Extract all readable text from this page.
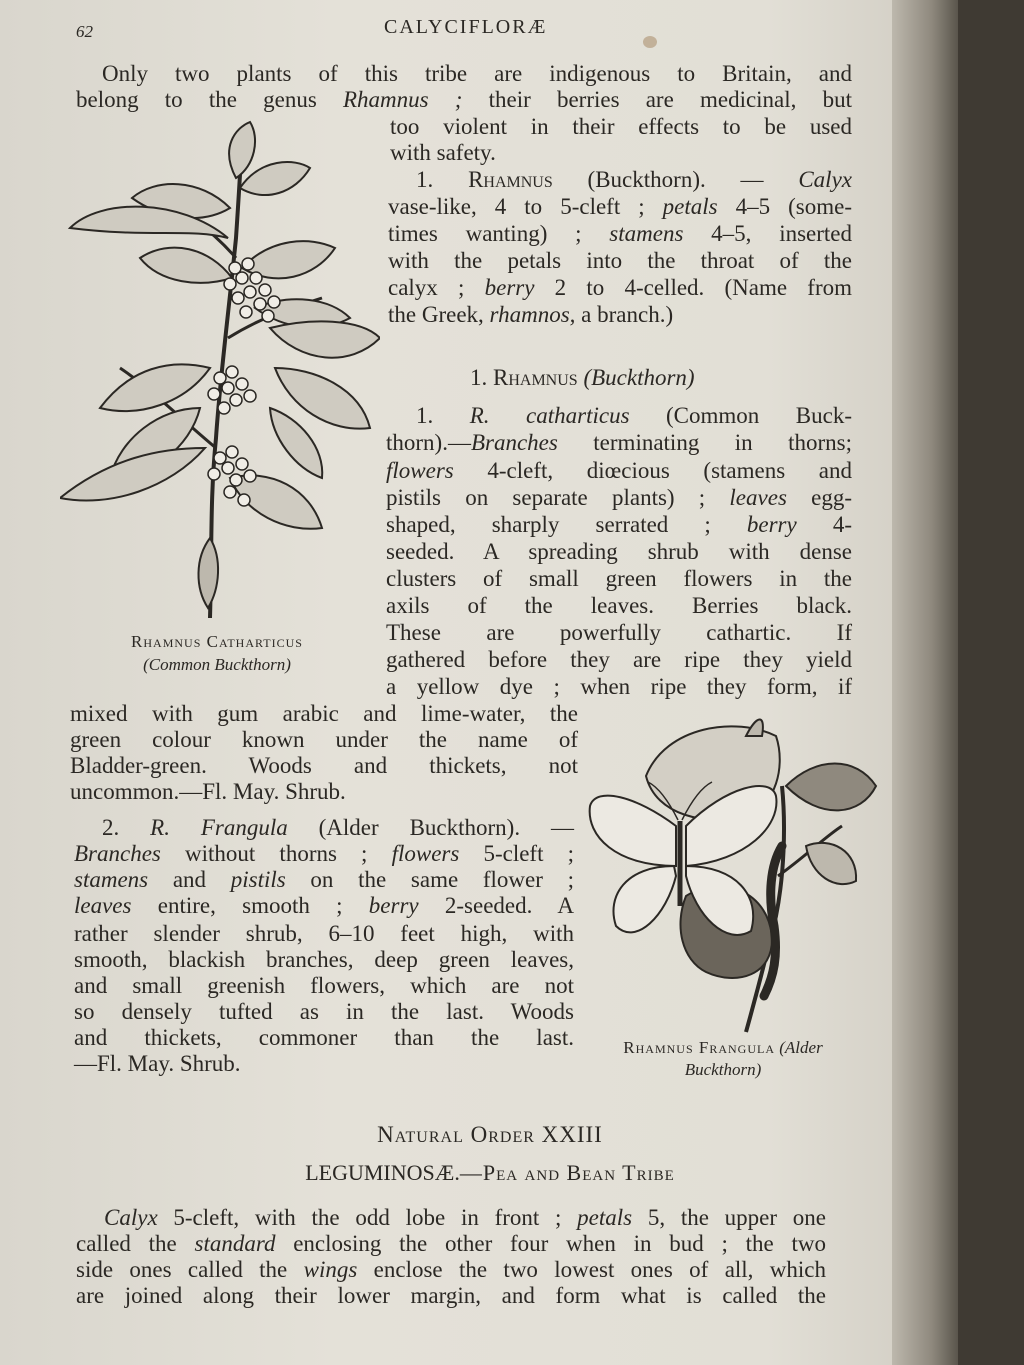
62	CALYCIFLORÆ

Only two plants of this tribe are indigenous to Britain, and
belong to the genus Rhamnus ; their berries are medicinal, but
too violent in their effects to be used
with safety.
1. Rhamnus (Buckthorn). — Calyx
vase-like, 4 to 5-cleft ; petals 4–5 (some-
times wanting) ; stamens 4–5, inserted
with the petals into the throat of the
calyx ; berry 2 to 4-celled. (Name from
the Greek, rhamnos, a branch.)
1. Rhamnus (Buckthorn)
1. R. catharticus (Common Buck-
thorn).—Branches terminating in thorns;
flowers 4-cleft, diœcious (stamens and
pistils on separate plants) ; leaves egg-
shaped, sharply serrated ; berry 4-
seeded. A spreading shrub with dense
clusters of small green flowers in the
axils of the leaves. Berries black.
These are powerfully cathartic. If
gathered before they are ripe they yield
a yellow dye ; when ripe they form, if
mixed with gum arabic and lime-water, the
green colour known under the name of
Bladder-green. Woods and thickets, not
uncommon.—Fl. May. Shrub.
2. R. Frangula (Alder Buckthorn). —
Branches without thorns ; flowers 5-cleft ;
stamens and pistils on the same flower ;
leaves entire, smooth ; berry 2-seeded. A
rather slender shrub, 6–10 feet high, with
smooth, blackish branches, deep green leaves,
and small greenish flowers, which are not
so densely tufted as in the last. Woods
and thickets, commoner than the last.
—Fl. May. Shrub.
Rhamnus Catharticus
(Common Buckthorn)
Rhamnus Frangula (Alder
Buckthorn)
Natural Order XXIII
LEGUMINOSÆ.—Pea and Bean Tribe
Calyx 5-cleft, with the odd lobe in front ; petals 5, the upper one
called the standard enclosing the other four when in bud ; the two
side ones called the wings enclose the two lowest ones of all, which
are joined along their lower margin, and form what is called the
